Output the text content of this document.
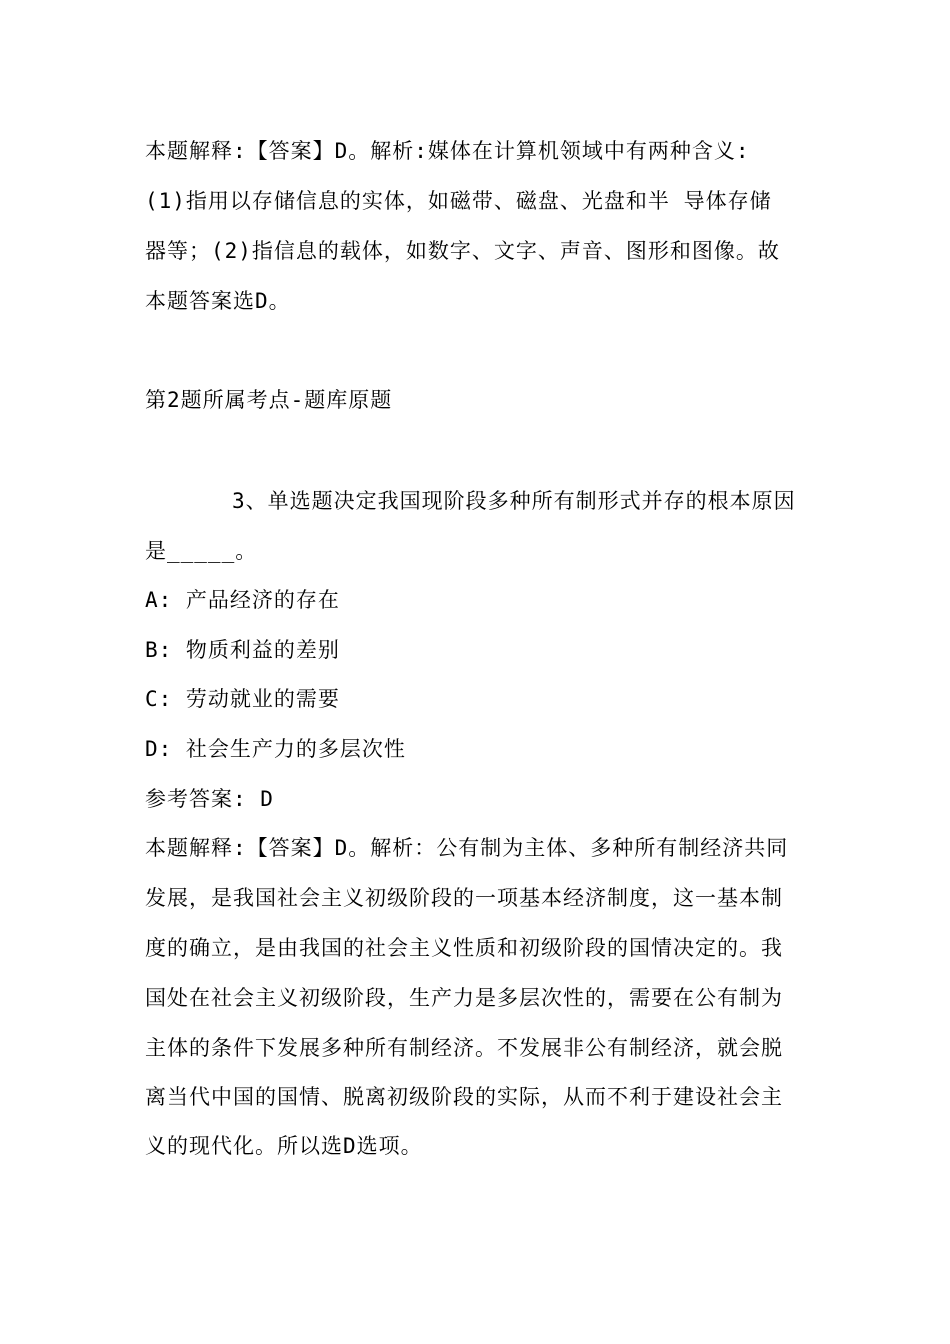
本题解释:【答案】D。解析:媒体在计算机领域中有两种含义:
(1)指用以存储信息的实体，如磁带、磁盘、光盘和半 导体存储
器等；(2)指信息的载体，如数字、文字、声音、图形和图像。故
本题答案选D。
第2题所属考点-题库原题
3、单选题决定我国现阶段多种所有制形式并存的根本原因
是_____。
A: 产品经济的存在
B: 物质利益的差别
C: 劳动就业的需要
D: 社会生产力的多层次性
参考答案: D
本题解释:【答案】D。解析：公有制为主体、多种所有制经济共同
发展，是我国社会主义初级阶段的一项基本经济制度，这一基本制
度的确立，是由我国的社会主义性质和初级阶段的国情决定的。我
国处在社会主义初级阶段，生产力是多层次性的，需要在公有制为
主体的条件下发展多种所有制经济。不发展非公有制经济，就会脱
离当代中国的国情、脱离初级阶段的实际，从而不利于建设社会主
义的现代化。所以选D选项。
